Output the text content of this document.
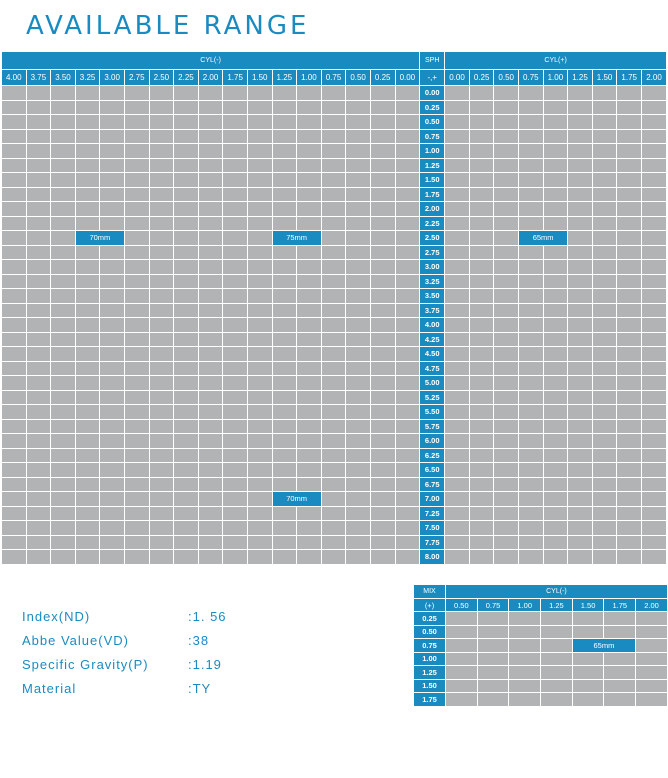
AVAILABLE RANGE
CYL(-)																	SPH	CYL(+)								
4.00	3.75	3.50	3.25	3.00	2.75	2.50	2.25	2.00	1.75	1.50	1.25	1.00	0.75	0.50	0.25	0.00	-,+	0.00	0.25	0.50	0.75	1.00	1.25	1.50	1.75	2.00
																	0.00									
																	0.25									
																	0.50									
																	0.75									
																	1.00									
																	1.25									
																	1.50									
																	1.75									
																	2.00									
																	2.25									
			70mm								75mm						2.50				65mm					
																	2.75									
																	3.00									
																	3.25									
																	3.50									
																	3.75									
																	4.00									
																	4.25									
																	4.50									
																	4.75									
																	5.00									
																	5.25									
																	5.50									
																	5.75									
																	6.00									
																	6.25									
																	6.50									
																	6.75									
											70mm						7.00									
																	7.25									
																	7.50									
																	7.75									
																	8.00									
Index(ND)	:1. 56
Abbe Value(VD)	:38
Specific Gravity(P)	:1.19
Material	:TY
MIX	CYL(-)						
(+)	0.50	0.75	1.00	1.25	1.50	1.75	2.00
0.25							
0.50							
0.75					65mm		
1.00							
1.25							
1.50							
1.75							
